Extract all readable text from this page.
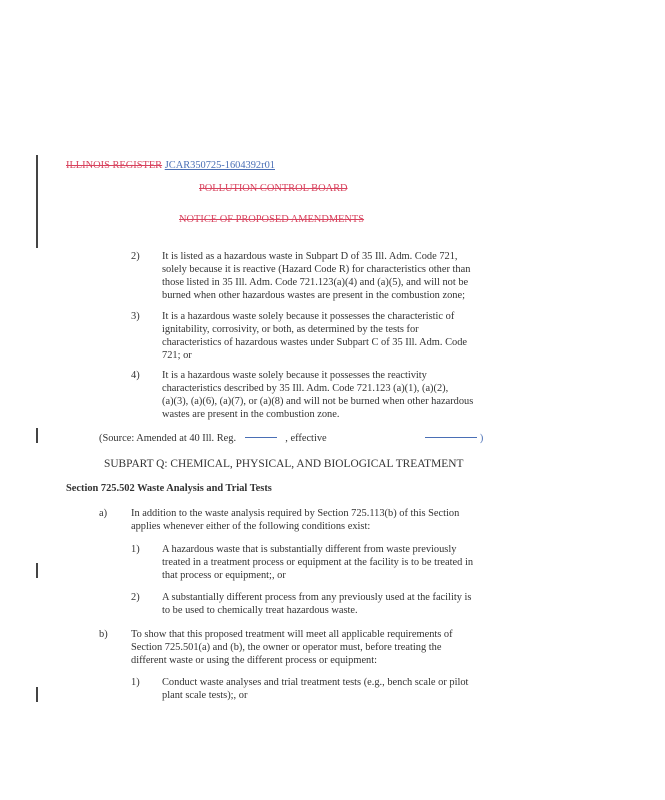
ILLINOIS REGISTER JCAR350725-1604392r01
POLLUTION CONTROL BOARD
NOTICE OF PROPOSED AMENDMENTS
2) It is listed as a hazardous waste in Subpart D of 35 Ill. Adm. Code 721,
solely because it is reactive (Hazard Code R) for characteristics other than
those listed in 35 Ill. Adm. Code 721.123(a)(4) and (a)(5), and will not be
burned when other hazardous wastes are present in the combustion zone;
3) It is a hazardous waste solely because it possesses the characteristic of
ignitability, corrosivity, or both, as determined by the tests for
characteristics of hazardous wastes under Subpart C of 35 Ill. Adm. Code
721; or
4) It is a hazardous waste solely because it possesses the reactivity
characteristics described by 35 Ill. Adm. Code 721.123 (a)(1), (a)(2),
(a)(3), (a)(6), (a)(7), or (a)(8) and will not be burned when other hazardous
wastes are present in the combustion zone.
(Source: Amended at 40 Ill. Reg.	, effective	)
SUBPART Q: CHEMICAL, PHYSICAL, AND BIOLOGICAL TREATMENT
Section 725.502 Waste Analysis and Trial Tests
a) In addition to the waste analysis required by Section 725.113(b) of this Section
applies whenever either of the following conditions exist:
1) A hazardous waste that is substantially different from waste previously
treated in a treatment process or equipment at the facility is to be treated in
that process or equipment;, or
2) A substantially different process from any previously used at the facility is
to be used to chemically treat hazardous waste.
b) To show that this proposed treatment will meet all applicable requirements of
Section 725.501(a) and (b), the owner or operator must, before treating the
different waste or using the different process or equipment:
1) Conduct waste analyses and trial treatment tests (e.g., bench scale or pilot
plant scale tests);, or
